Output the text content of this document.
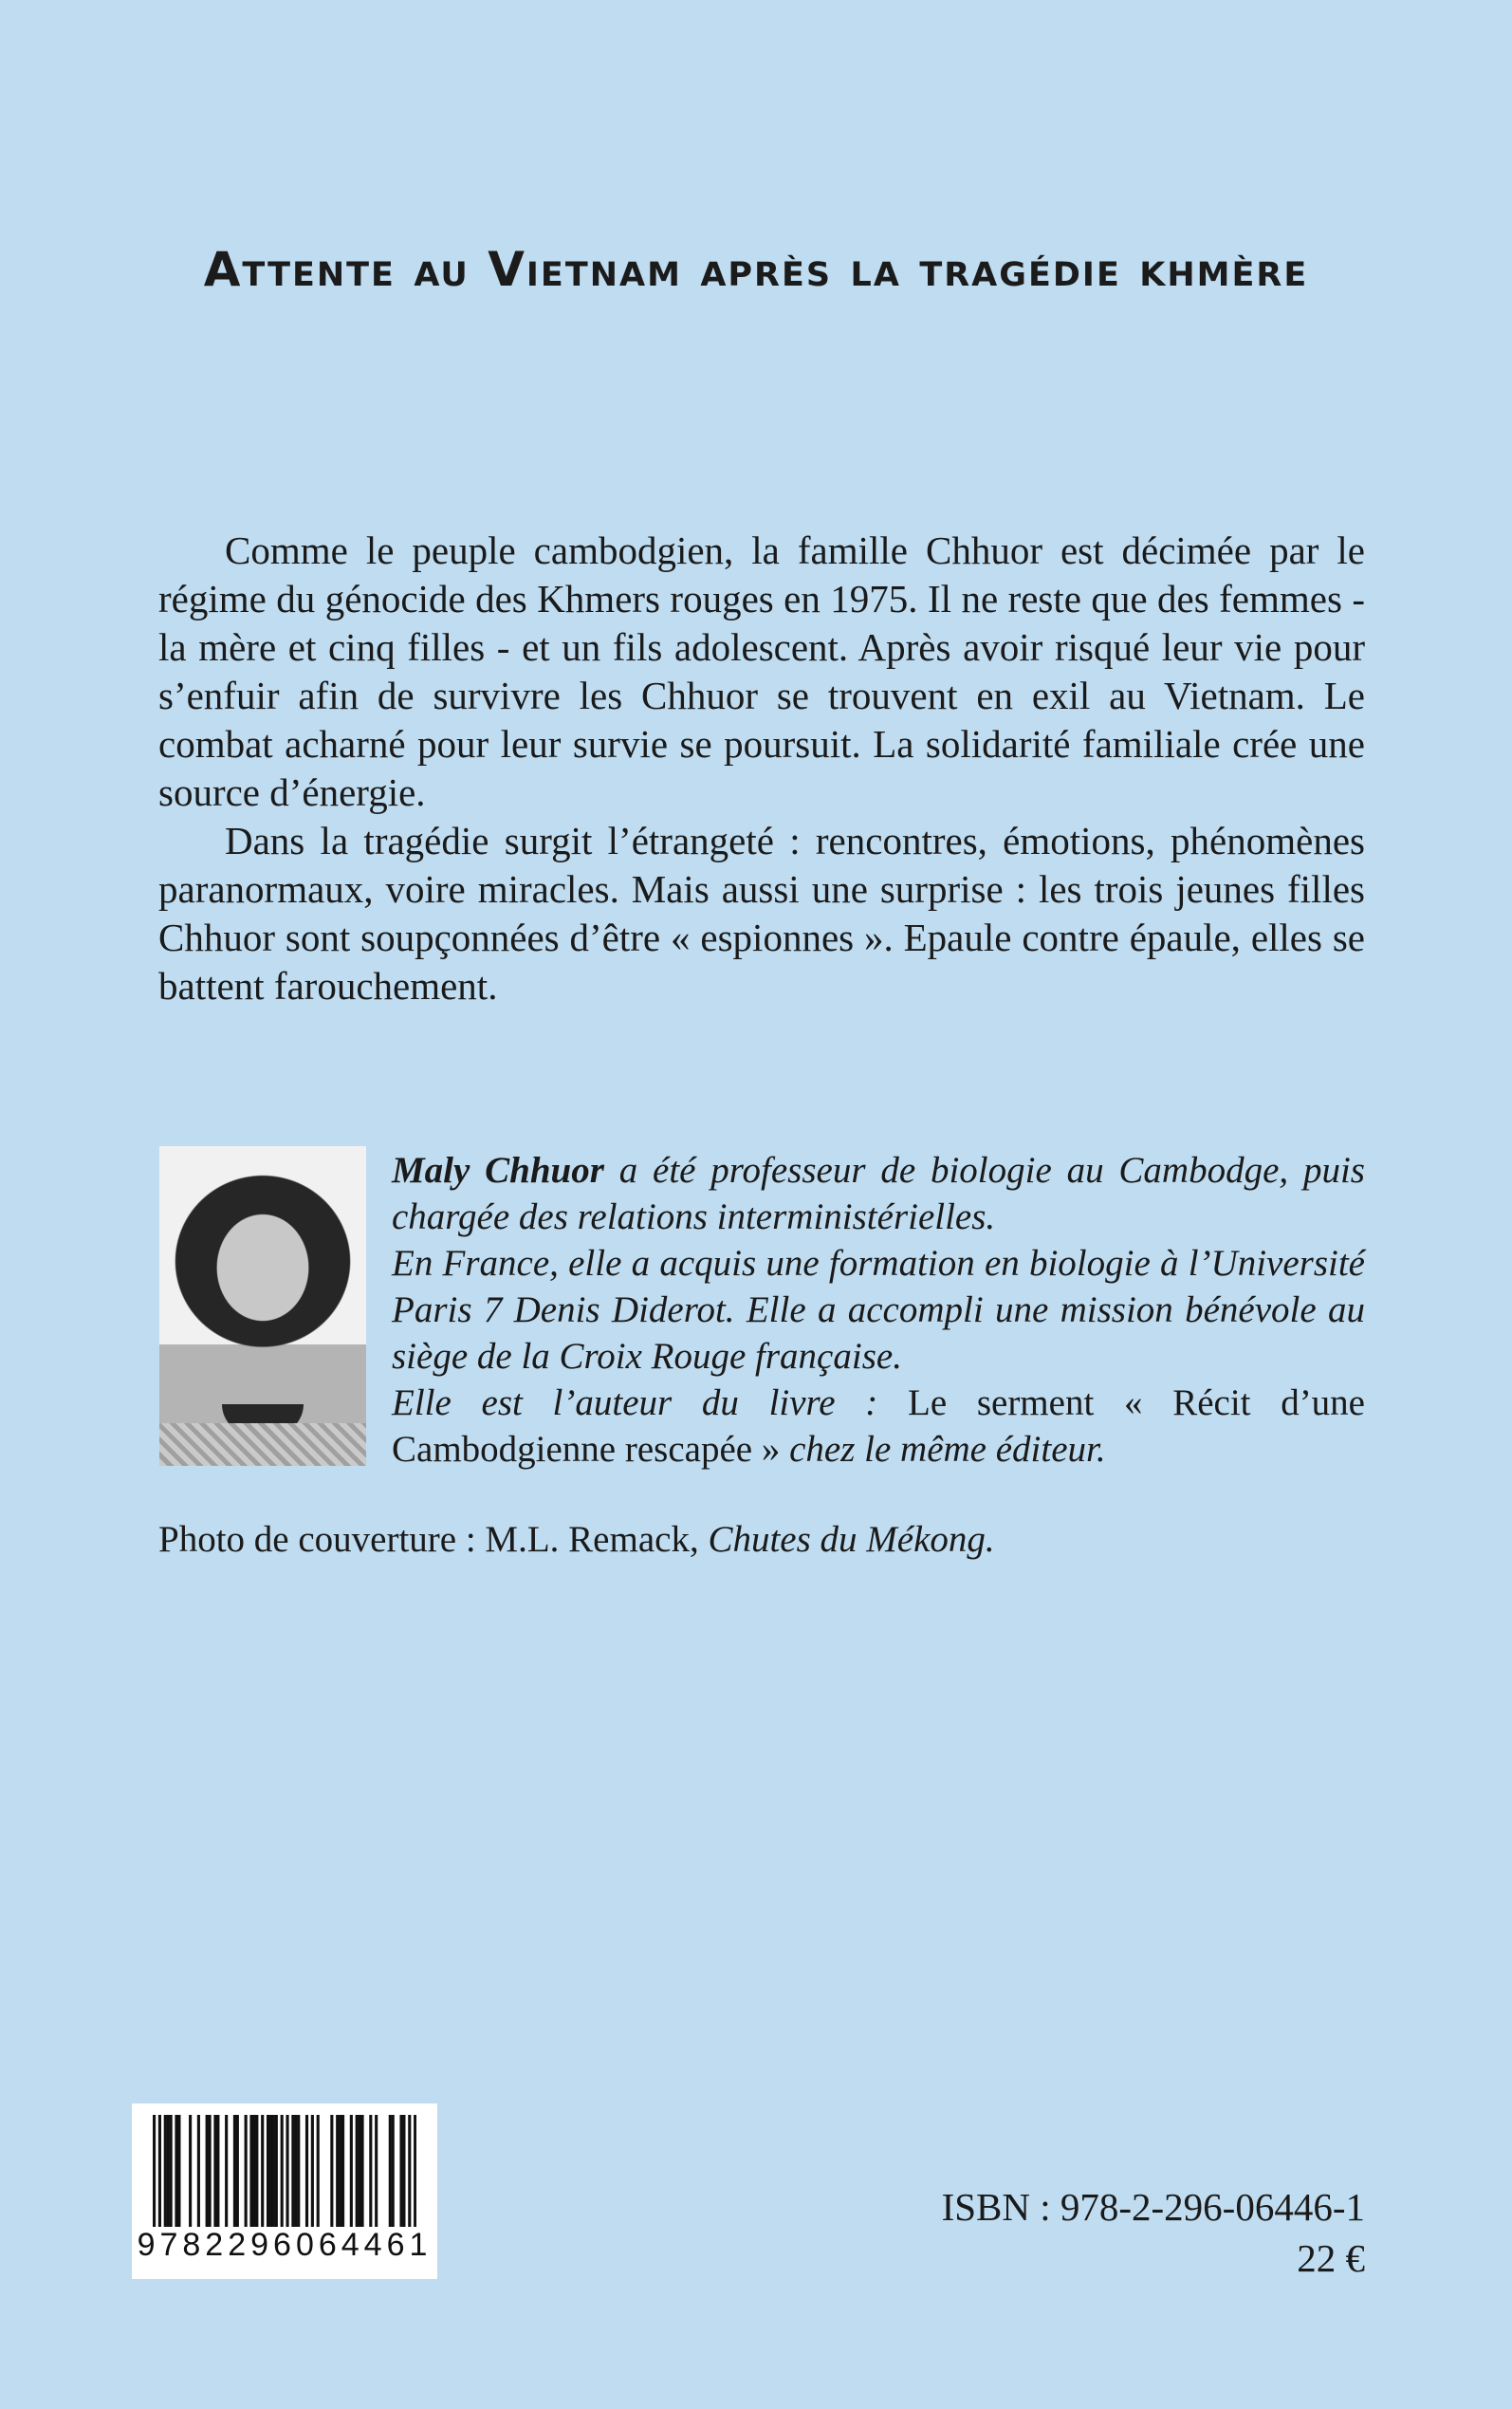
Attente au Vietnam après la tragédie khmère

Comme le peuple cambodgien, la famille Chhuor est décimée par le régime du génocide des Khmers rouges en 1975. Il ne reste que des femmes - la mère et cinq filles - et un fils adolescent. Après avoir risqué leur vie pour s’enfuir afin de survivre les Chhuor se trouvent en exil au Vietnam. Le combat acharné pour leur survie se poursuit. La solidarité familiale crée une source d’énergie.

Dans la tragédie surgit l’étrangeté : rencontres, émotions, phénomènes paranormaux, voire miracles. Mais aussi une surprise : les trois jeunes filles Chhuor sont soupçonnées d’être « espionnes ». Epaule contre épaule, elles se battent farouchement.

Maly Chhuor a été professeur de biologie au Cambodge, puis chargée des relations interministérielles.
En France, elle a acquis une formation en biologie à l’Université Paris 7 Denis Diderot. Elle a accompli une mission bénévole au siège de la Croix Rouge française.
Elle est l’auteur du livre : Le serment « Récit d’une Cambodgienne rescapée » chez le même éditeur.
Photo de couverture : M.L. Remack, Chutes du Mékong.
9782296064461
ISBN : 978-2-296-06446-1
22 €
